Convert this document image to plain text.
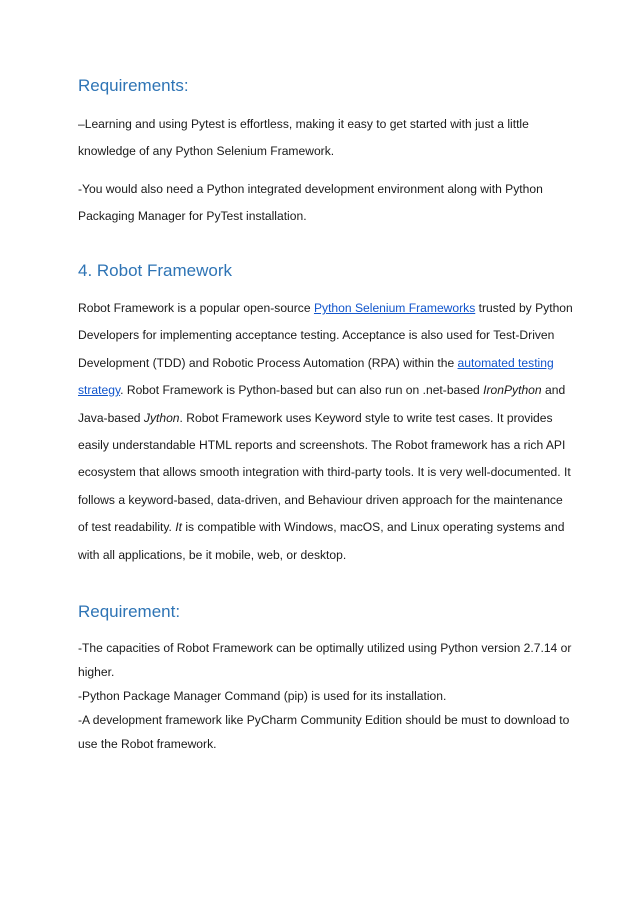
Requirements:

–Learning and using Pytest is effortless, making it easy to get started with just a little
knowledge of any Python Selenium Framework.

-You would also need a Python integrated development environment along with Python
Packaging Manager for PyTest installation.

4. Robot Framework

Robot Framework is a popular open-source Python Selenium Frameworks trusted by Python
Developers for implementing acceptance testing. Acceptance is also used for Test-Driven
Development (TDD) and Robotic Process Automation (RPA) within the automated testing
strategy. Robot Framework is Python-based but can also run on .net-based IronPython and
Java-based Jython. Robot Framework uses Keyword style to write test cases. It provides
easily understandable HTML reports and screenshots. The Robot framework has a rich API
ecosystem that allows smooth integration with third-party tools. It is very well-documented. It
follows a keyword-based, data-driven, and Behaviour driven approach for the maintenance
of test readability. It is compatible with Windows, macOS, and Linux operating systems and
with all applications, be it mobile, web, or desktop.

Requirement:

-The capacities of Robot Framework can be optimally utilized using Python version 2.7.14 or
higher.
-Python Package Manager Command (pip) is used for its installation.
-A development framework like PyCharm Community Edition should be must to download to
use the Robot framework.
